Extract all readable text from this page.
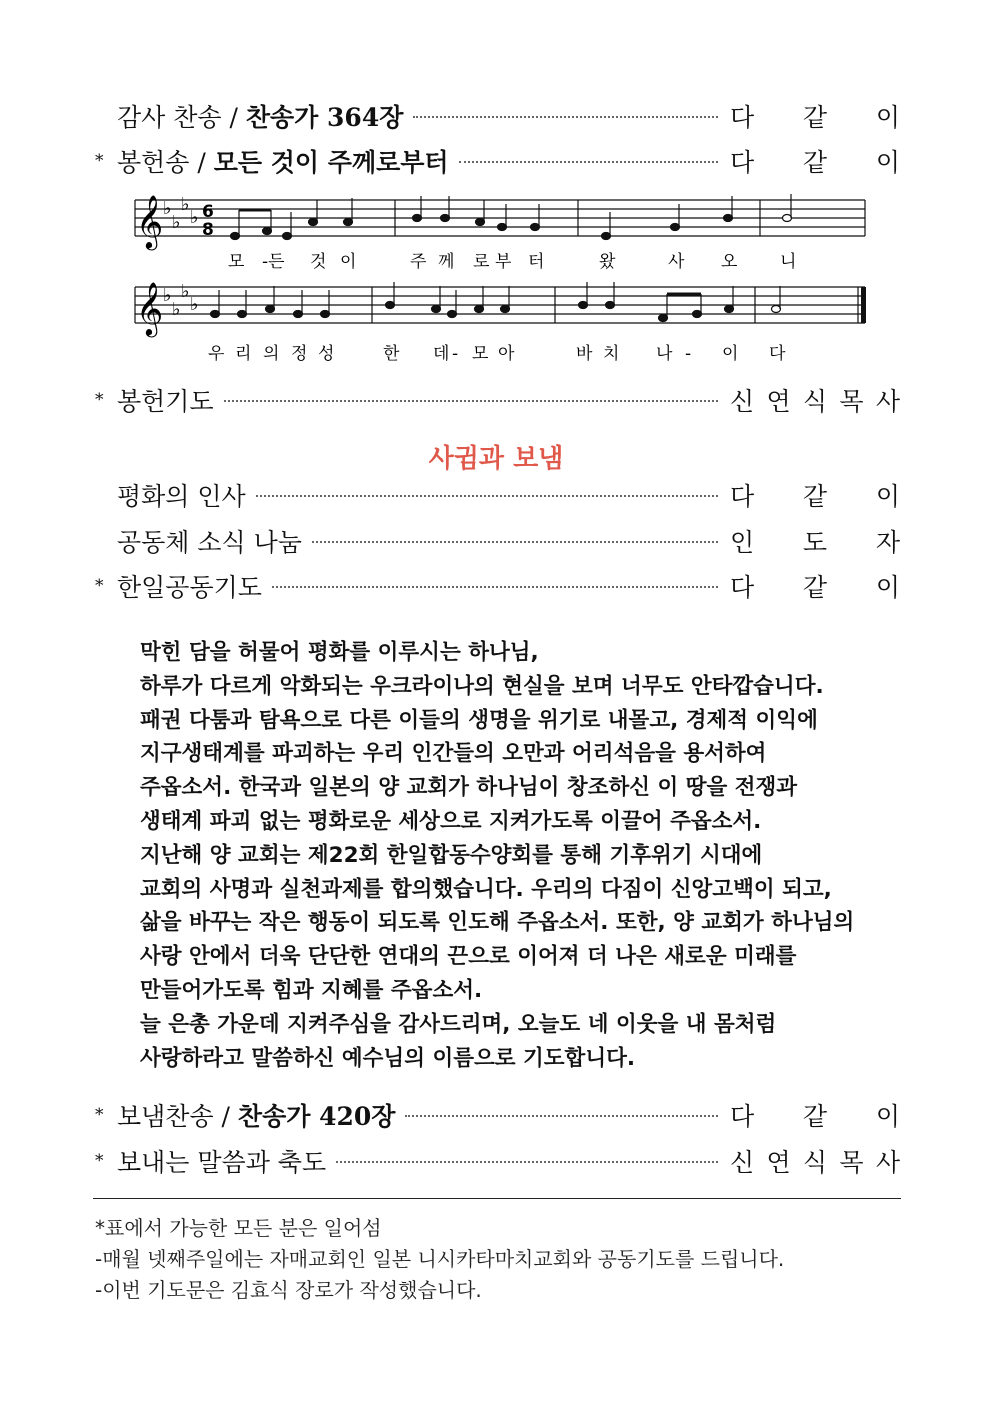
감사 찬송 / 찬송가 364장	다 같 이
* 봉헌송 / 모든 것이 주께로부터	다 같 이
𝄞
𝄞
♭
♭
♭
♭
♭
♭
♭
♭
6
8
모 -든 것 이	주 께 로 부 터	왔	사 오	니
우 리 의 정 성	한 데 - 모 아	바 치 나 - 이 다
* 봉헌기도	신 연 식 목 사
사귐과 보냄
평화의 인사	다 같 이
공동체 소식 나눔	인 도 자
* 한일공동기도	다 같 이
막힌 담을 허물어 평화를 이루시는 하나님,
하루가 다르게 악화되는 우크라이나의 현실을 보며 너무도 안타깝습니다.
패권 다툼과 탐욕으로 다른 이들의 생명을 위기로 내몰고, 경제적 이익에
지구생태계를 파괴하는 우리 인간들의 오만과 어리석음을 용서하여
주옵소서. 한국과 일본의 양 교회가 하나님이 창조하신 이 땅을 전쟁과
생태계 파괴 없는 평화로운 세상으로 지켜가도록 이끌어 주옵소서.
지난해 양 교회는 제22회 한일합동수양회를 통해 기후위기 시대에
교회의 사명과 실천과제를 합의했습니다. 우리의 다짐이 신앙고백이 되고,
삶을 바꾸는 작은 행동이 되도록 인도해 주옵소서. 또한, 양 교회가 하나님의
사랑 안에서 더욱 단단한 연대의 끈으로 이어져 더 나은 새로운 미래를
만들어가도록 힘과 지혜를 주옵소서.
늘 은총 가운데 지켜주심을 감사드리며, 오늘도 네 이웃을 내 몸처럼
사랑하라고 말씀하신 예수님의 이름으로 기도합니다.
* 보냄찬송 / 찬송가 420장	다 같 이
* 보내는 말씀과 축도	신 연 식 목 사
*표에서 가능한 모든 분은 일어섬
-매월 넷째주일에는 자매교회인 일본 니시카타마치교회와 공동기도를 드립니다.
-이번 기도문은 김효식 장로가 작성했습니다.
